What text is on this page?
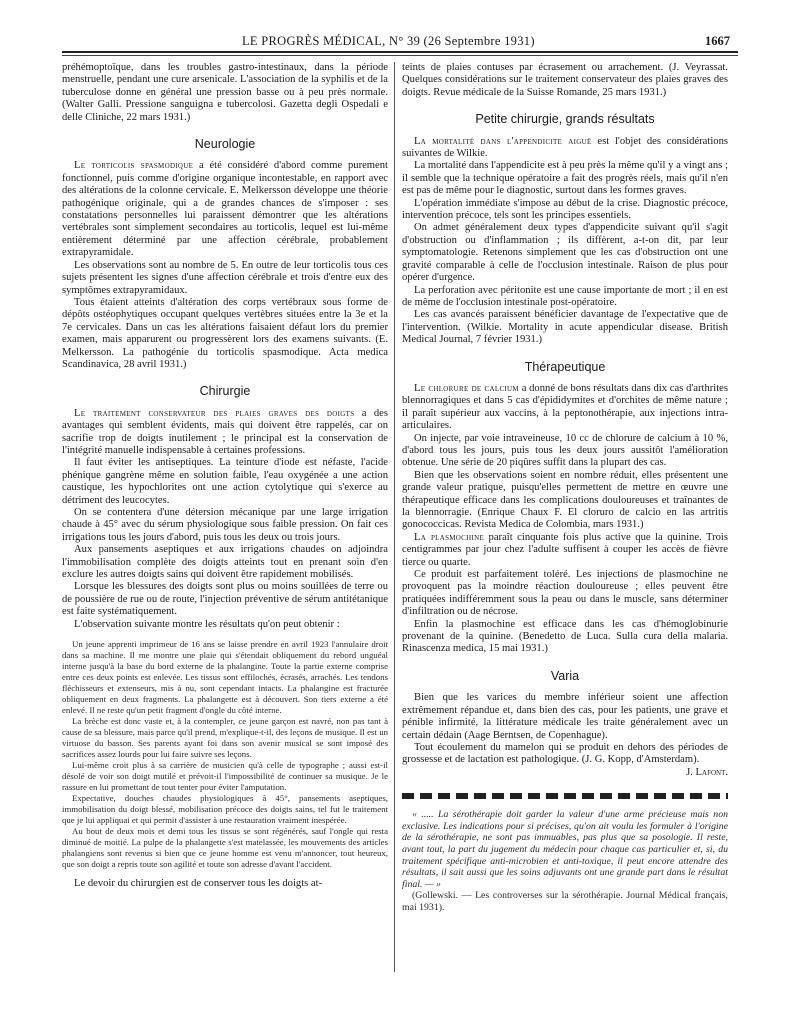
LE PROGRÈS MÉDICAL, N° 39 (26 Septembre 1931)	1667

préhémoptoïque, dans les troubles gastro-intestinaux, dans la période menstruelle, pendant une cure arsenicale. L'association de la syphilis et de la tuberculose donne en général une pression basse ou à peu près normale. (Walter Galli. Pressione sanguigna e tubercolosi. Gazetta degli Ospedali e delle Cliniche, 22 mars 1931.)

Neurologie

Le torticolis spasmodique a été considéré d'abord comme purement fonctionnel, puis comme d'origine organique incontestable, en rapport avec des altérations de la colonne cervicale. E. Melkersson développe une théorie pathogénique originale, qui a de grandes chances de s'imposer : ses constatations personnelles lui paraissent démontrer que les altérations vertébrales sont simplement secondaires au torticolis, lequel est lui-même entièrement déterminé par une affection cérébrale, probablement extrapyramidale.

Les observations sont au nombre de 5. En outre de leur torticolis tous ces sujets présentent les signes d'une affection cérébrale et trois d'entre eux des symptômes extrapyramidaux.

Tous étaient atteints d'altération des corps vertébraux sous forme de dépôts ostéophytiques occupant quelques vertèbres situées entre la 3e et la 7e cervicales. Dans un cas les altérations faisaient défaut lors du premier examen, mais apparurent ou progressèrent lors des examens suivants. (E. Melkersson. La pathogénie du torticolis spasmodique. Acta medica Scandinavica, 28 avril 1931.)

Chirurgie

Le traitement conservateur des plaies graves des doigts a des avantages qui semblent évidents, mais qui doivent être rappelés, car on sacrifie trop de doigts inutilement ; le principal est la conservation de l'intégrité manuelle indispensable à certaines professions.

Il faut éviter les antiseptiques. La teinture d'iode est néfaste, l'acide phénique gangrène même en solution faible, l'eau oxygénée a une action caustique, les hypochlorites ont une action cytolytique qui s'exerce au détriment des leucocytes.

On se contentera d'une détersion mécanique par une large irrigation chaude à 45° avec du sérum physiologique sous faible pression. On fait ces irrigations tous les jours d'abord, puis tous les deux ou trois jours.

Aux pansements aseptiques et aux irrigations chaudes on adjoindra l'immobilisation complète des doigts atteints tout en prenant soin d'en exclure les autres doigts sains qui doivent être rapidement mobilisés.

Lorsque les blessures des doigts sont plus ou moins souillées de terre ou de poussière de rue ou de route, l'injection préventive de sérum antitétanique est faite systématiquement.

L'observation suivante montre les résultats qu'on peut obtenir :

Un jeune apprenti imprimeur de 16 ans se laisse prendre en avril 1923 l'annulaire droit dans sa machine. Il me montre une plaie qui s'étendait obliquement du rebord unguéal interne jusqu'à la base du bord externe de la phalangine. Toute la partie externe comprise entre ces deux points est enlevée. Les tissus sont effilochés, écrasés, arrachés. Les tendons fléchisseurs et extenseurs, mis à nu, sont cependant intacts. La phalangine est fracturée obliquement en deux fragments. La phalangette est à découvert. Son tiers externe a été enlevé. Il ne reste qu'un petit fragment d'ongle du côté interne.

La brèche est donc vaste et, à la contempler, ce jeune garçon est navré, non pas tant à cause de sa blessure, mais parce qu'il prend, m'explique-t-il, des leçons de musique. Il est un virtuose du basson. Ses parents ayant foi dans son avenir musical se sont imposé des sacrifices assez lourds pour lui faire suivre ses leçons.

Lui-même croit plus à sa carrière de musicien qu'à celle de typographe ; aussi est-il désolé de voir son doigt mutilé et prévoit-il l'impossibilité de continuer sa musique. Je le rassure en lui promettant de tout tenter pour éviter l'amputation.

Expectative, douches chaudes physiologiques à 45°, pansements aseptiques, immobilisation du doigt blessé, mobilisation précoce des doigts sains, tel fut le traitement que je lui appliquai et qui permit d'assister à une restauration vraiment inespérée.

Au bout de deux mois et demi tous les tissus se sont régénérés, sauf l'ongle qui resta diminué de moitié. La pulpe de la phalangette s'est matelassée, les mouvements des articles phalangiens sont revenus si bien que ce jeune homme est venu m'annoncer, tout heureux, que son doigt a repris toute son agilité et toute son adresse d'avant l'accident.

Le devoir du chirurgien est de conserver tous les doigts at-

teints de plaies contuses par écrasement ou arrachement. (J. Veyrassat. Quelques considérations sur le traitement conservateur des plaies graves des doigts. Revue médicale de la Suisse Romande, 25 mars 1931.)

Petite chirurgie, grands résultats

La mortalité dans l'appendicite aiguë est l'objet des considérations suivantes de Wilkie.

La mortalité dans l'appendicite est à peu près la même qu'il y a vingt ans ; il semble que la technique opératoire a fait des progrès réels, mais qu'il n'en est pas de même pour le diagnostic, surtout dans les formes graves.

L'opération immédiate s'impose au début de la crise. Diagnostic précoce, intervention précoce, tels sont les principes essentiels.

On admet généralement deux types d'appendicite suivant qu'il s'agit d'obstruction ou d'inflammation ; ils diffèrent, a-t-on dit, par leur symptomatologie. Retenons simplement que les cas d'obstruction ont une gravité comparable à celle de l'occlusion intestinale. Raison de plus pour opérer d'urgence.

La perforation avec péritonite est une cause importante de mort ; il en est de même de l'occlusion intestinale post-opératoire.

Les cas avancés paraissent bénéficier davantage de l'expectative que de l'intervention. (Wilkie. Mortality in acute appendicular disease. British Medical Journal, 7 février 1931.)

Thérapeutique

Le chlorure de calcium a donné de bons résultats dans dix cas d'arthrites blennorragiques et dans 5 cas d'épididymites et d'orchites de même nature ; il paraît supérieur aux vaccins, à la peptonothérapie, aux injections intra-articulaires.

On injecte, par voie intraveineuse, 10 cc de chlorure de calcium à 10 %, d'abord tous les jours, puis tous les deux jours aussitôt l'amélioration obtenue. Une série de 20 piqûres suffit dans la plupart des cas.

Bien que les observations soient en nombre réduit, elles présentent une grande valeur pratique, puisqu'elles permettent de mettre en œuvre une thérapeutique efficace dans les complications douloureuses et traînantes de la blennorragie. (Enrique Chaux F. El cloruro de calcio en las artritis gonococcicas. Revista Medica de Colombia, mars 1931.)

La plasmochine paraît cinquante fois plus active que la quinine. Trois centigrammes par jour chez l'adulte suffisent à couper les accès de fièvre tierce ou quarte.

Ce produit est parfaitement toléré. Les injections de plasmochine ne provoquent pas la moindre réaction douloureuse ; elles peuvent être pratiquées indifféremment sous la peau ou dans le muscle, sans déterminer d'infiltration ou de nécrose.

Enfin la plasmochine est efficace dans les cas d'hémoglobinurie provenant de la quinine. (Benedetto de Luca. Sulla cura della malaria. Rinascenza medica, 15 mai 1931.)

Varia

Bien que les varices du membre inférieur soient une affection extrêmement répandue et, dans bien des cas, pour les patients, une grave et pénible infirmité, la littérature médicale les traite généralement avec un certain dédain (Aage Berntsen, de Copenhague).

Tout écoulement du mamelon qui se produit en dehors des périodes de grossesse et de lactation est pathologique. (J. G. Kopp, d'Amsterdam).

J. Lafont.

« ..... La sérothérapie doit garder la valeur d'une arme précieuse mais non exclusive. Les indications pour si précises, qu'on ait voulu les formuler à l'origine de la sérothérapie, ne sont pas immuables, pas plus que sa posologie. Il reste, avant tout, la part du jugement du médecin pour chaque cas particulier et, si, du traitement spécifique anti-microbien et anti-toxique, il peut encore attendre des résultats, il sait aussi que les soins adjuvants ont une grande part dans le résultat final. — »

(Gollewski. — Les controverses sur la sérothérapie. Journal Médical français, mai 1931).
